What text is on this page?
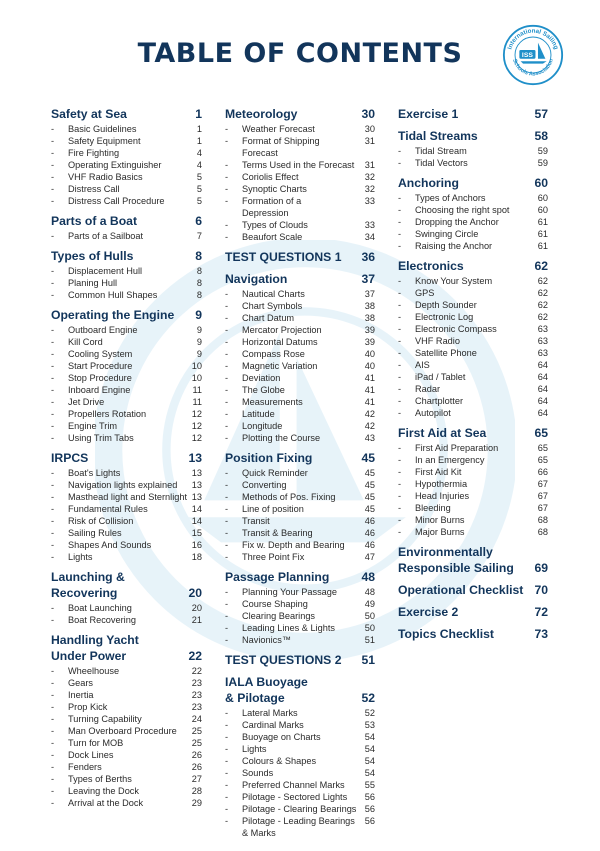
TABLE OF CONTENTS	International Sailing
Schools Association
ISS
Safety at Sea	1
-	Basic Guidelines	1
-	Safety Equipment	1
-	Fire Fighting	4
-	Operating Extinguisher	4
-	VHF Radio Basics	5
-	Distress Call	5
-	Distress Call Procedure	5
Parts of a Boat	6
-	Parts of a Sailboat	7
Types of Hulls	8
-	Displacement Hull	8
-	Planing Hull	8
-	Common Hull Shapes	8
Operating the Engine 9
-	Outboard Engine	9
-	Kill Cord	9
-	Cooling System	9
-	Start Procedure	10
-	Stop Procedure	10
-	Inboard Engine	11
-	Jet Drive	11
-	Propellers Rotation	12
-	Engine Trim	12
-	Using Trim Tabs	12
IRPCS	13
-	Boat's Lights	13
-	Navigation lights explained	13
-	Masthead light and Sternlight 13
-	Fundamental Rules	14
-	Risk of Collision	14
-	Sailing Rules	15
-	Shapes And Sounds	16
-	Lights	18
Launching & Recovering	20
-	Boat Launching	20
-	Boat Recovering	21
Handling Yacht
Under Power	22
-	Wheelhouse	22
-	Gears	23
-	Inertia	23
-	Prop Kick	23
-	Turning Capability	24
-	Man Overboard Procedure	25
-	Turn for MOB	25
-	Dock Lines	26
-	Fenders	26
-	Types of Berths	27
-	Leaving the Dock	28
-	Arrival at the Dock	29
Meteorology	30
-	Weather Forecast	30
-	Format of Shipping
Forecast
31
-	Terms Used in the Forecast	31
-	Coriolis Effect	32
-	Synoptic Charts	32
-	Formation of a
Depression
33
-	Types of Clouds	33
-	Beaufort Scale	34
TEST QUESTIONS 1 36
Navigation	37
-	Nautical Charts	37
-	Chart Symbols	38
-	Chart Datum	38
-	Mercator Projection	39
-	Horizontal Datums	39
-	Compass Rose	40
-	Magnetic Variation	40
-	Deviation	41
-	The Globe	41
-	Measurements	41
-	Latitude	42
-	Longitude	42
-	Plotting the Course	43
Position Fixing	45
-	Quick Reminder	45
-	Converting	45
-	Methods of Pos. Fixing	45
-	Line of position	45
-	Transit	46
-	Transit & Bearing	46
-	Fix w. Depth and Bearing	46
-	Three Point Fix	47
Passage Planning	48
-	Planning Your Passage	48
-	Course Shaping	49
-	Clearing Bearings	50
-	Leading Lines & Lights	50
-	Navionics™	51
TEST QUESTIONS 2 51
IALA Buoyage
& Pilotage	52
-	Lateral Marks	52
-	Cardinal Marks	53
-	Buoyage on Charts	54
-	Lights	54
-	Colours & Shapes	54
-	Sounds	54
-	Preferred Channel Marks	55
-	Pilotage - Sectored Lights	56
-	Pilotage - Clearing Bearings 56
-	Pilotage - Leading Bearings
& Marks
56
Exercise 1	57
Tidal Streams	58
-	Tidal Stream	59
-	Tidal Vectors	59
Anchoring	60
-	Types of Anchors	60
-	Choosing the right spot	60
-	Dropping the Anchor	61
-	Swinging Circle	61
-	Raising the Anchor	61
Electronics	62
-	Know Your System	62
-	GPS	62
-	Depth Sounder	62
-	Electronic Log	62
-	Electronic Compass	63
-	VHF Radio	63
-	Satellite Phone	63
-	AIS	64
-	iPad / Tablet	64
-	Radar	64
-	Chartplotter	64
-	Autopilot	64
First Aid at Sea	65
-	First Aid Preparation	65
-	In an Emergency	65
-	First Aid Kit	66
-	Hypothermia	67
-	Head Injuries	67
-	Bleeding	67
-	Minor Burns	68
-	Major Burns	68
Environmentally
Responsible Sailing 69
Operational Checklist 70
Exercise 2	72
Topics Checklist	73
